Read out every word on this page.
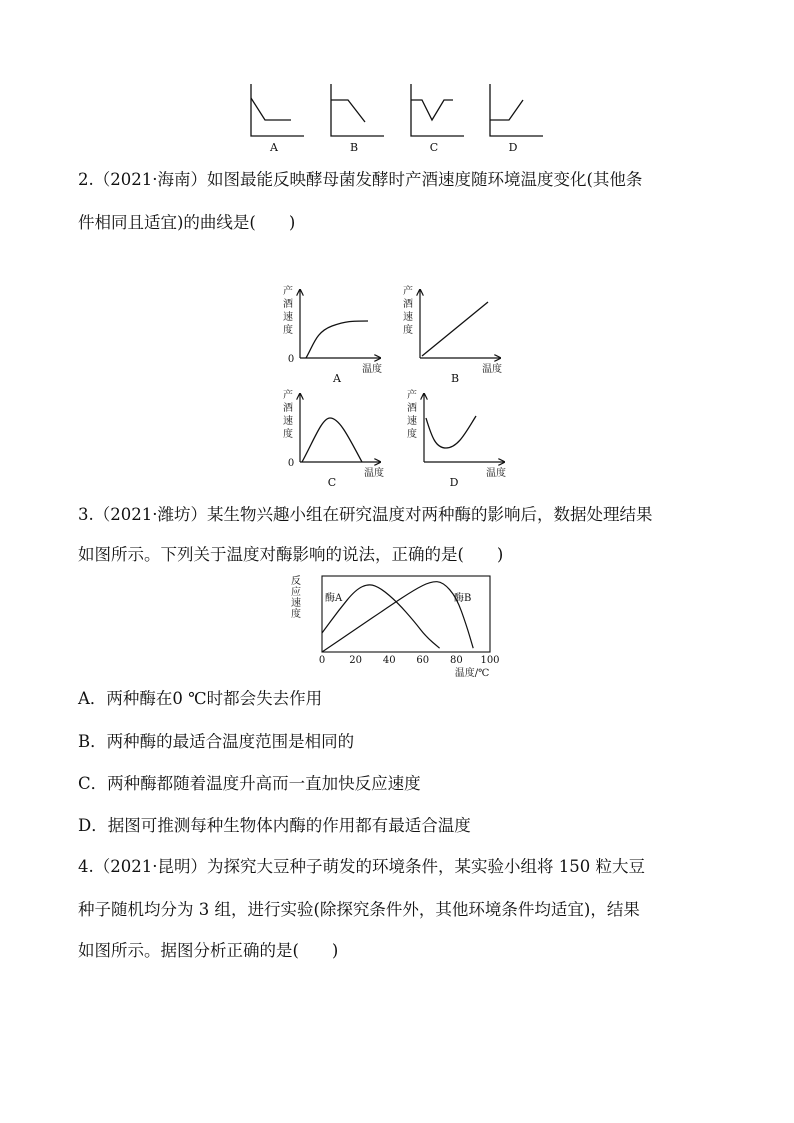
A	B	C	D
2.（2021·海南）如图最能反映酵母菌发酵时产酒速度随环境温度变化(其他条
件相同且适宜)的曲线是(　　)
产
酒
速
度
0
温度
A
产
酒
速
度
温度
B
产
酒
速
度
0
温度
C
产
酒
速
度
温度
D
3.（2021·潍坊）某生物兴趣小组在研究温度对两种酶的影响后，数据处理结果
如图所示。下列关于温度对酶影响的说法，正确的是(　　)
反
应
速
度
0 20 40 60 80 100
酶A	酶B
温度/℃
A．两种酶在0 ℃时都会失去作用
B．两种酶的最适合温度范围是相同的
C．两种酶都随着温度升高而一直加快反应速度
D．据图可推测每种生物体内酶的作用都有最适合温度
4.（2021·昆明）为探究大豆种子萌发的环境条件，某实验小组将 150 粒大豆
种子随机均分为 3 组，进行实验(除探究条件外，其他环境条件均适宜)，结果
如图所示。据图分析正确的是(　　)
